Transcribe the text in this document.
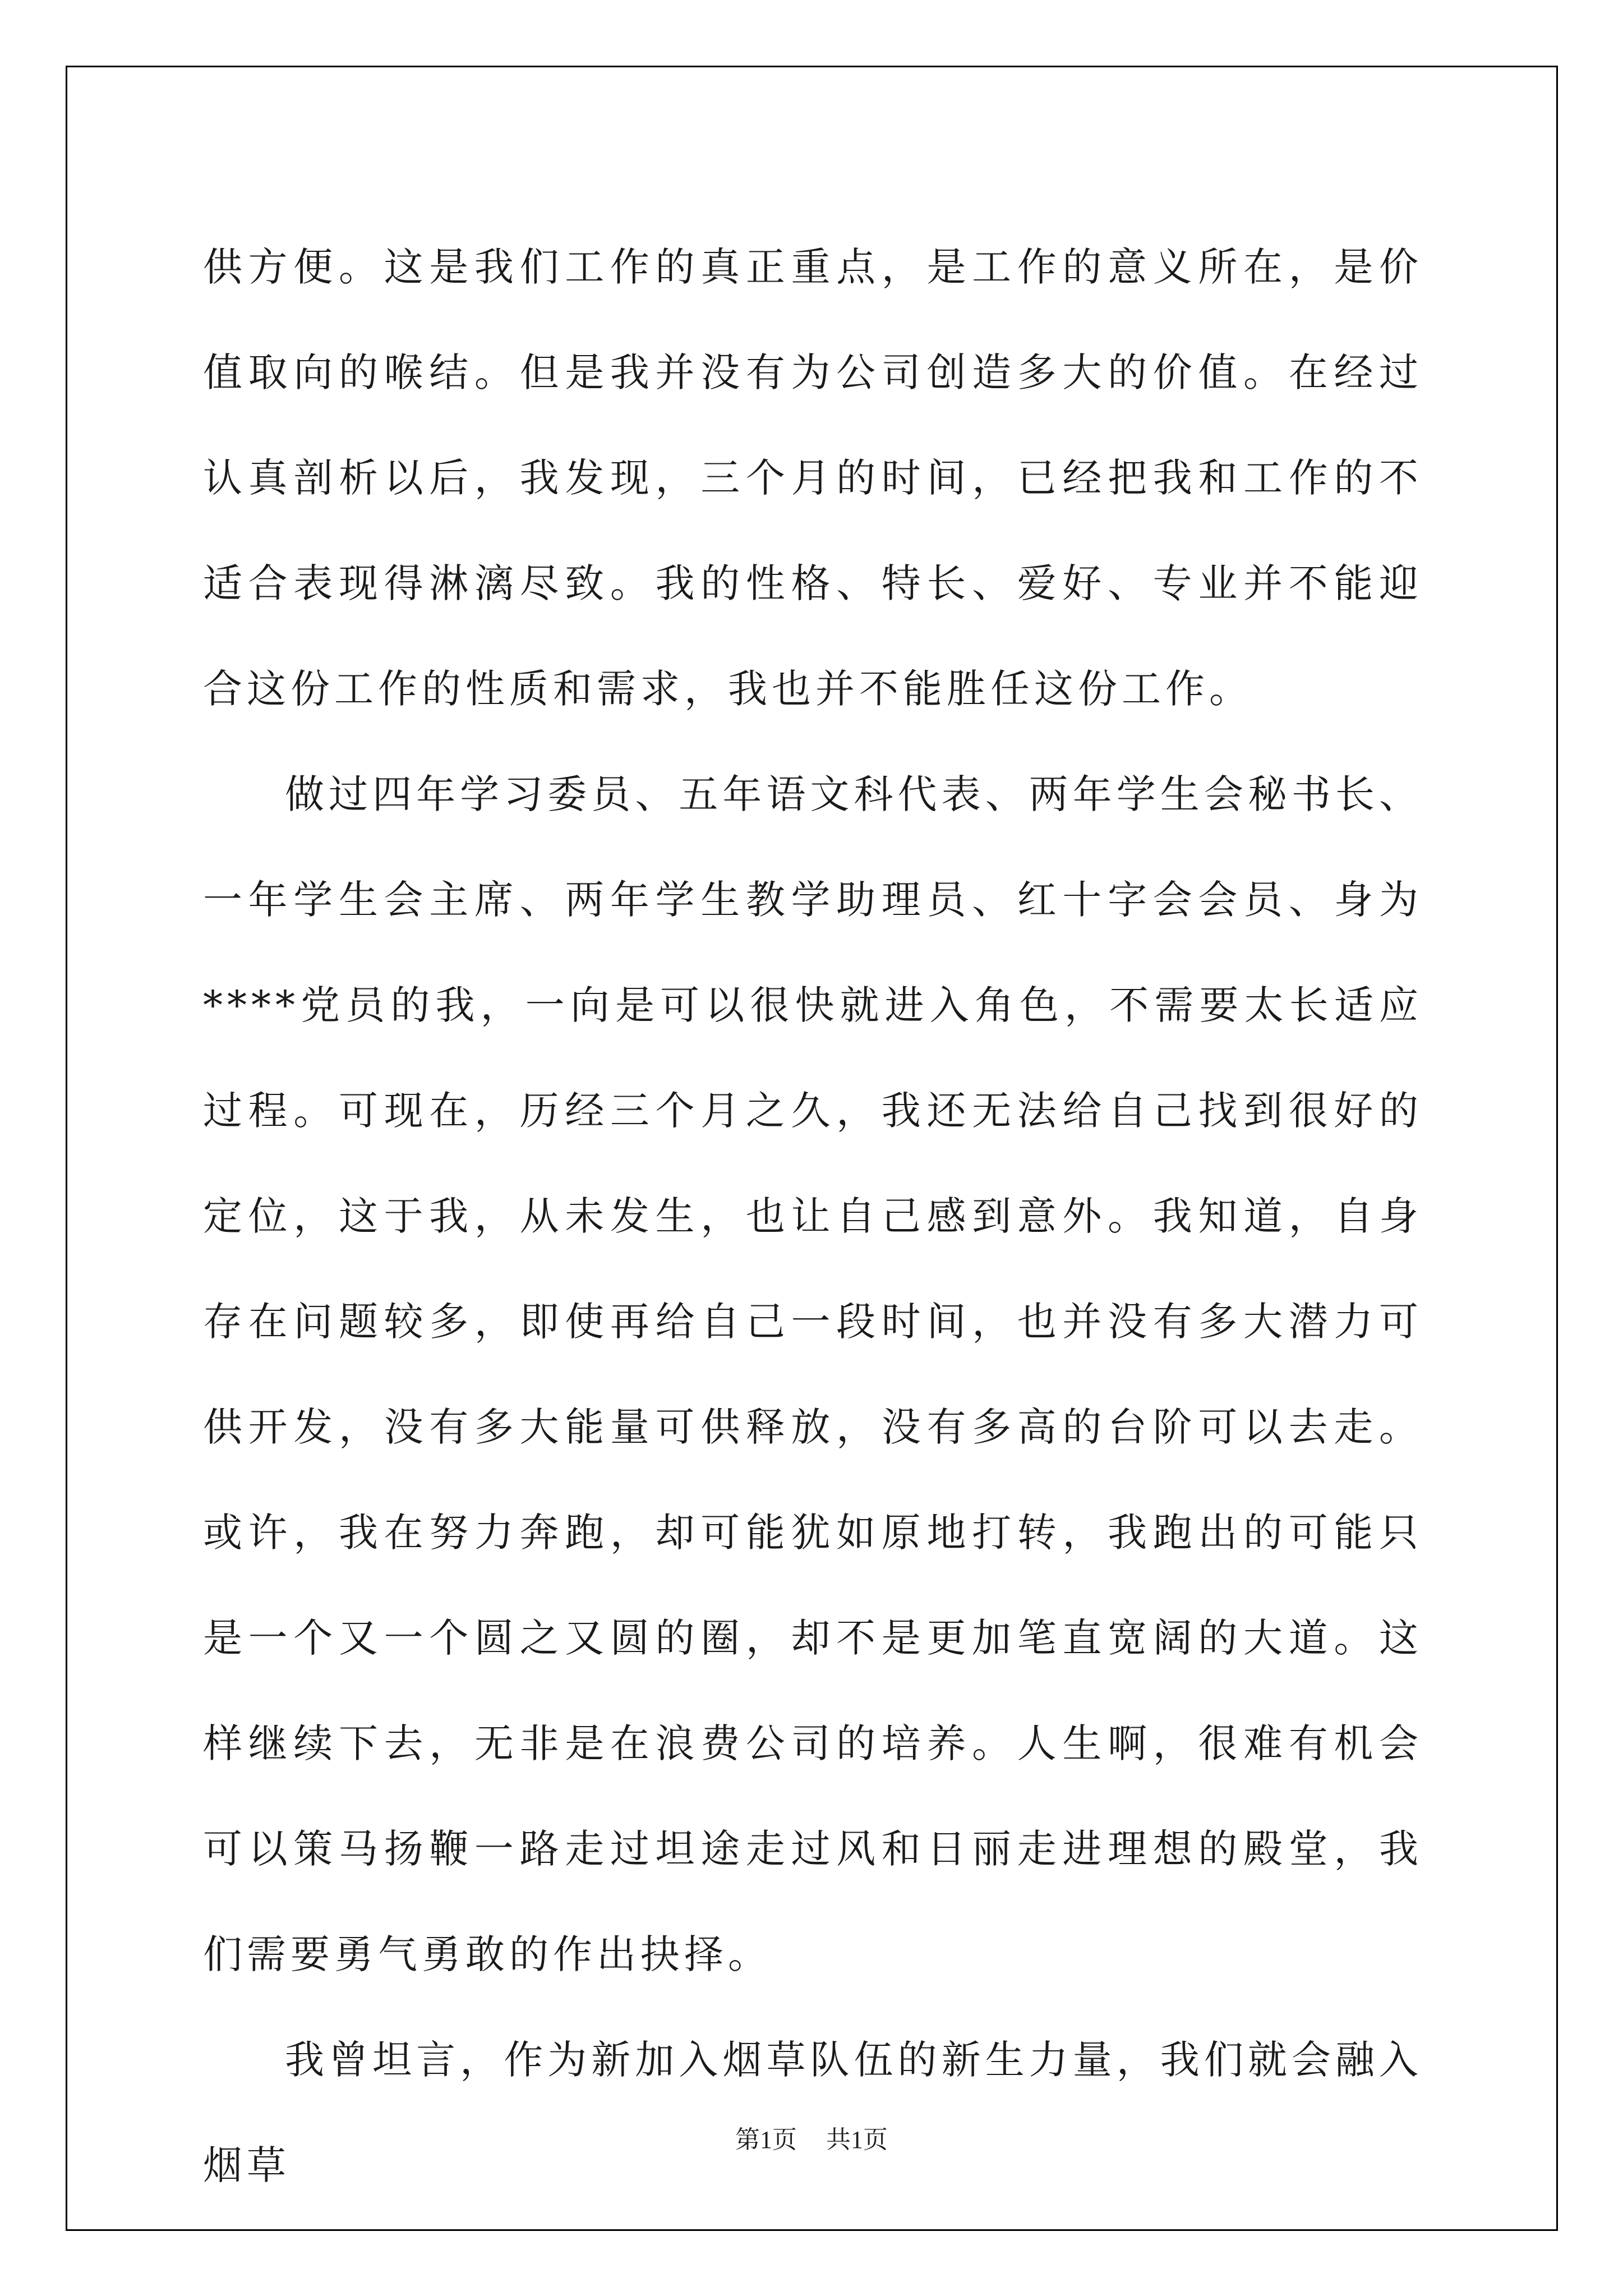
供方便。这是我们工作的真正重点，是工作的意义所在，是价值取向的喉结。但是我并没有为公司创造多大的价值。在经过认真剖析以后，我发现，三个月的时间，已经把我和工作的不适合表现得淋漓尽致。我的性格、特长、爱好、专业并不能迎合这份工作的性质和需求，我也并不能胜任这份工作。

做过四年学习委员、五年语文科代表、两年学生会秘书长、一年学生会主席、两年学生教学助理员、红十字会会员、身为****党员的我，一向是可以很快就进入角色，不需要太长适应过程。可现在，历经三个月之久，我还无法给自己找到很好的定位，这于我，从未发生，也让自己感到意外。我知道，自身存在问题较多，即使再给自己一段时间，也并没有多大潜力可供开发，没有多大能量可供释放，没有多高的台阶可以去走。或许，我在努力奔跑，却可能犹如原地打转，我跑出的可能只是一个又一个圆之又圆的圈，却不是更加笔直宽阔的大道。这样继续下去，无非是在浪费公司的培养。人生啊，很难有机会可以策马扬鞭一路走过坦途走过风和日丽走进理想的殿堂，我们需要勇气勇敢的作出抉择。

我曾坦言，作为新加入烟草队伍的新生力量，我们就会融入烟草

第1页 共1页
